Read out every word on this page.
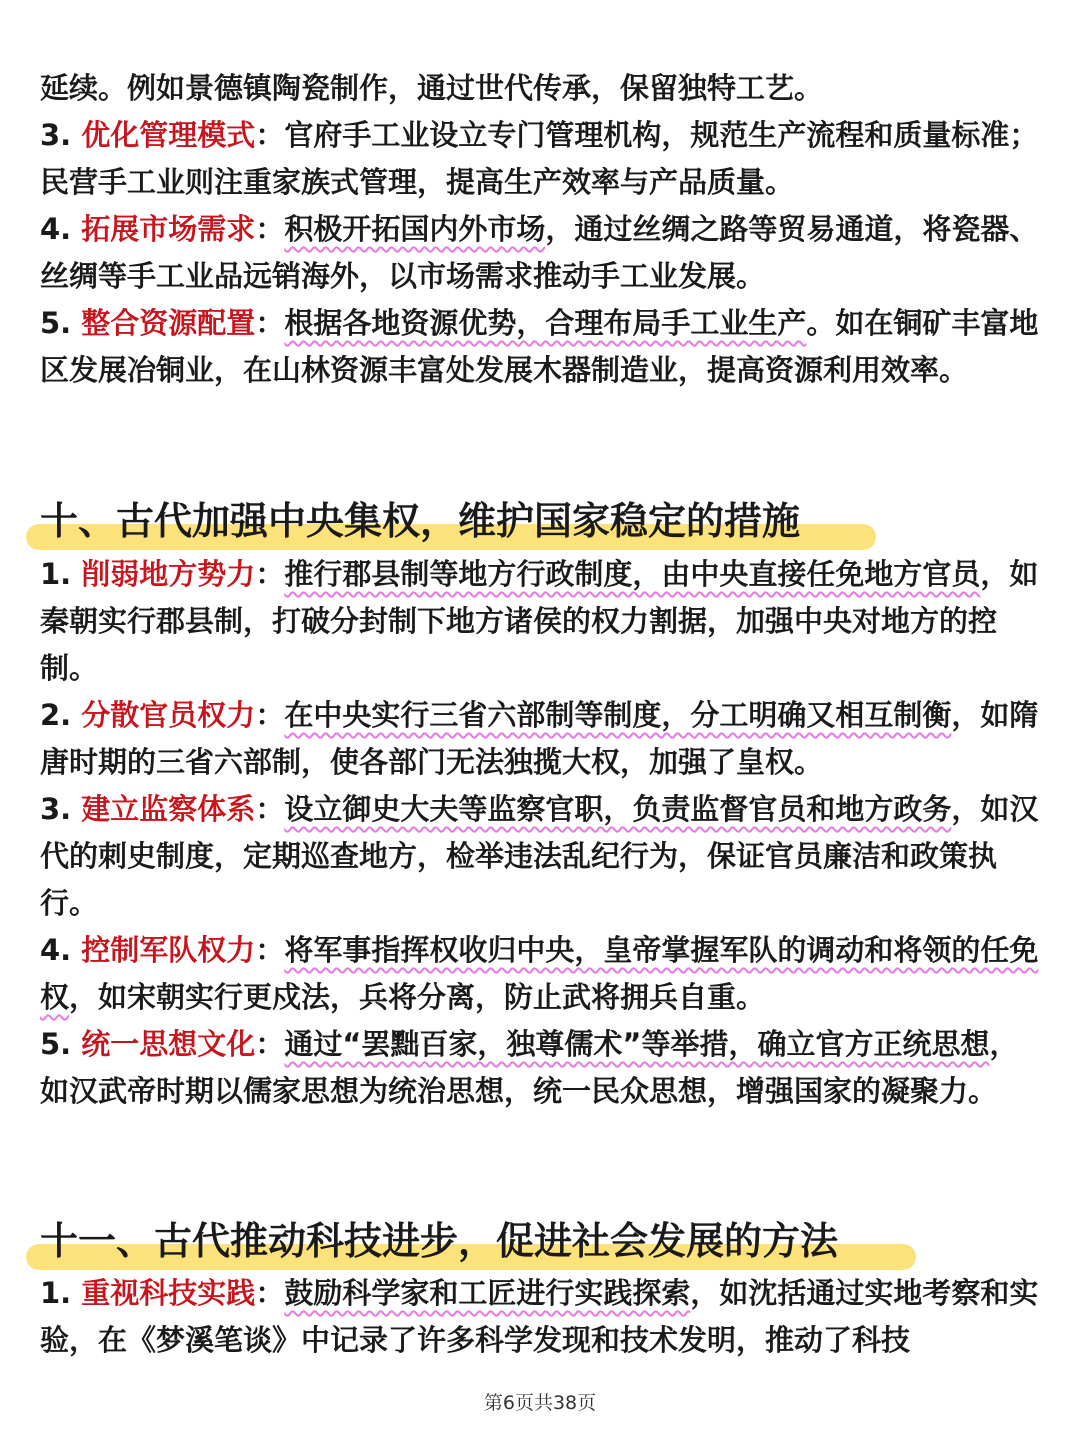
延续。例如景德镇陶瓷制作，通过世代传承，保留独特工艺。

3. 优化管理模式：官府手工业设立专门管理机构，规范生产流程和质量标准；民营手工业则注重家族式管理，提高生产效率与产品质量。

4. 拓展市场需求：积极开拓国内外市场，通过丝绸之路等贸易通道，将瓷器、丝绸等手工业品远销海外，以市场需求推动手工业发展。

5. 整合资源配置：根据各地资源优势，合理布局手工业生产。如在铜矿丰富地区发展冶铜业，在山林资源丰富处发展木器制造业，提高资源利用效率。

十、古代加强中央集权，维护国家稳定的措施

1. 削弱地方势力：推行郡县制等地方行政制度，由中央直接任免地方官员，如秦朝实行郡县制，打破分封制下地方诸侯的权力割据，加强中央对地方的控制。

2. 分散官员权力：在中央实行三省六部制等制度，分工明确又相互制衡，如隋唐时期的三省六部制，使各部门无法独揽大权，加强了皇权。

3. 建立监察体系：设立御史大夫等监察官职，负责监督官员和地方政务，如汉代的刺史制度，定期巡查地方，检举违法乱纪行为，保证官员廉洁和政策执行。

4. 控制军队权力：将军事指挥权收归中央，皇帝掌握军队的调动和将领的任免权，如宋朝实行更戍法，兵将分离，防止武将拥兵自重。

5. 统一思想文化：通过“罢黜百家，独尊儒术”等举措，确立官方正统思想，如汉武帝时期以儒家思想为统治思想，统一民众思想，增强国家的凝聚力。

十一、古代推动科技进步，促进社会发展的方法

1. 重视科技实践：鼓励科学家和工匠进行实践探索，如沈括通过实地考察和实验，在《梦溪笔谈》中记录了许多科学发现和技术发明，推动了科技

第6页共38页
